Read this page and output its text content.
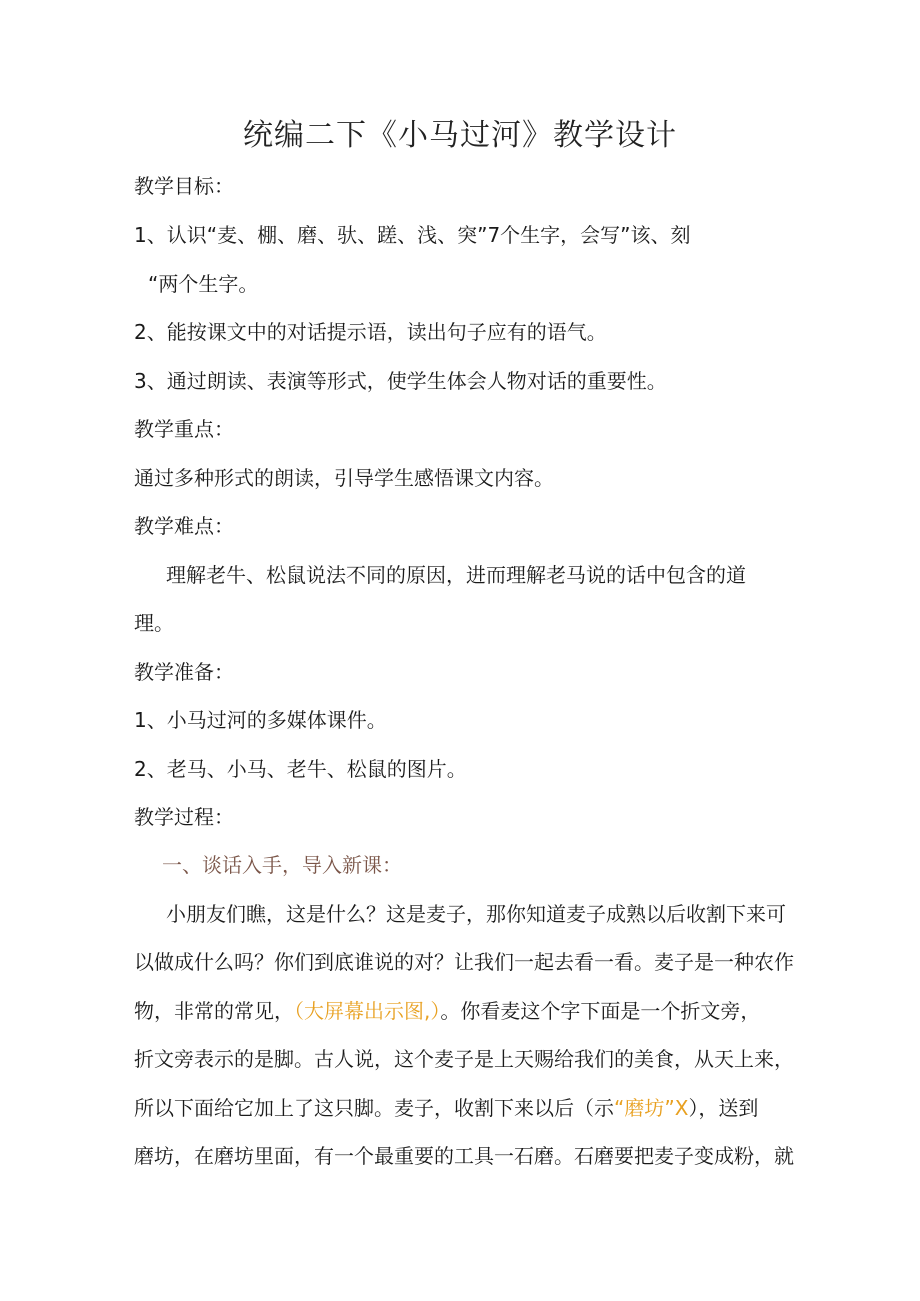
统编二下《小马过河》教学设计
教学目标：
1、认识“麦、棚、磨、驮、蹉、浅、突”7个生字，会写”该、刻
“两个生字。
2、能按课文中的对话提示语，读出句子应有的语气。
3、通过朗读、表演等形式，使学生体会人物对话的重要性。
教学重点：
通过多种形式的朗读，引导学生感悟课文内容。
教学难点：
理解老牛、松鼠说法不同的原因，进而理解老马说的话中包含的道
理。
教学准备：
1、小马过河的多媒体课件。
2、老马、小马、老牛、松鼠的图片。
教学过程：
一、谈话入手，导入新课：
小朋友们瞧，这是什么？这是麦子，那你知道麦子成熟以后收割下来可
以做成什么吗？你们到底谁说的对？让我们一起去看一看。麦子是一种农作
物，非常的常见，（大屏幕出示图,）。你看麦这个字下面是一个折文旁，
折文旁表示的是脚。古人说，这个麦子是上天赐给我们的美食，从天上来，
所以下面给它加上了这只脚。麦子，收割下来以后（示“磨坊”X），送到
磨坊，在磨坊里面，有一个最重要的工具一石磨。石磨要把麦子变成粉，就
